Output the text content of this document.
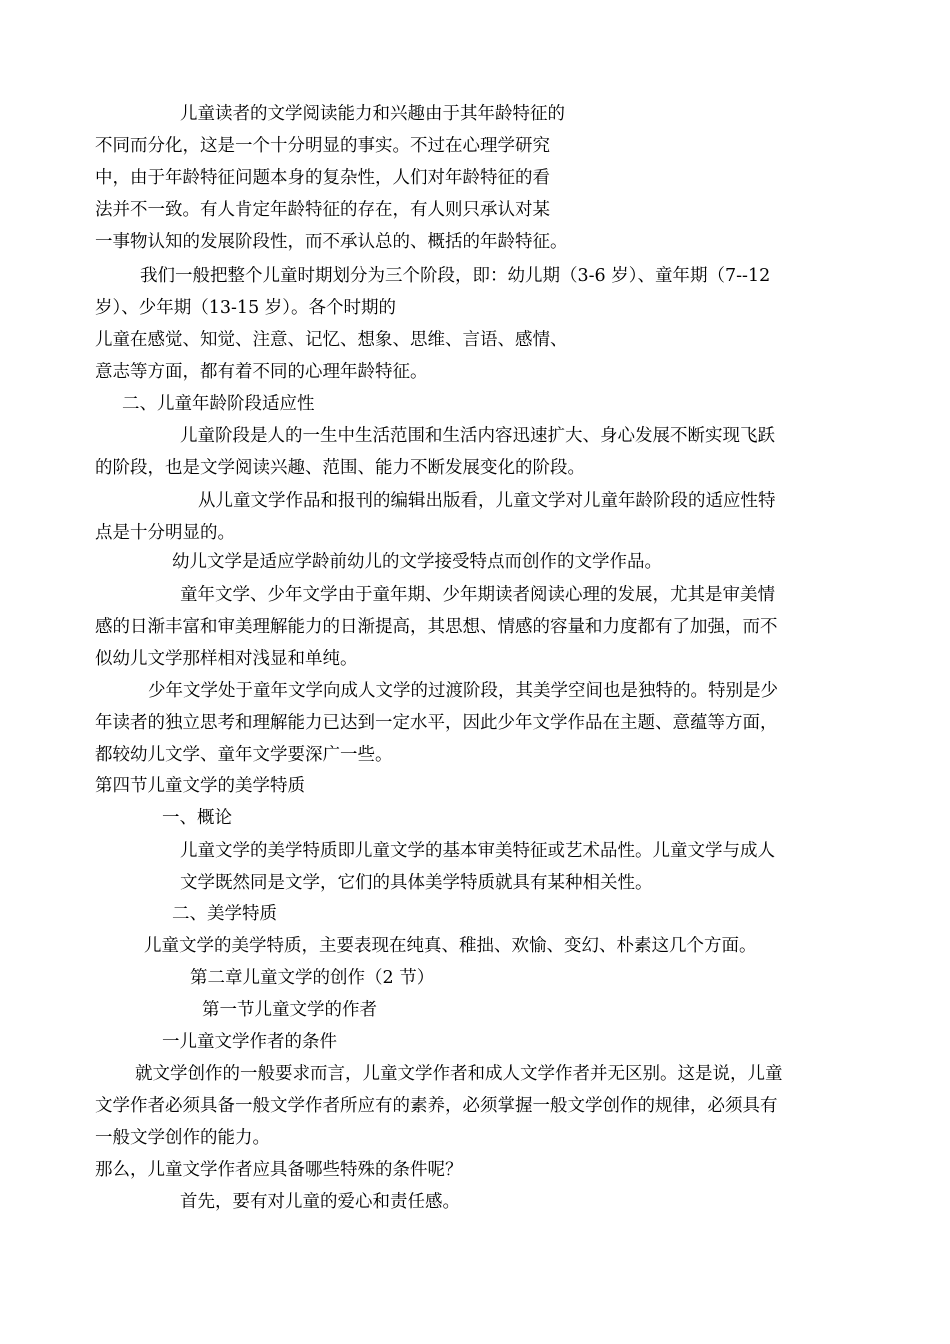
儿童读者的文学阅读能力和兴趣由于其年龄特征的
不同而分化，这是一个十分明显的事实。不过在心理学研究
中，由于年龄特征问题本身的复杂性，人们对年龄特征的看
法并不一致。有人肯定年龄特征的存在，有人则只承认对某
一事物认知的发展阶段性，而不承认总的、概括的年龄特征。
我们一般把整个儿童时期划分为三个阶段，即：幼儿期（3-6 岁）、童年期（7--12
岁）、少年期（13-15 岁）。各个时期的
儿童在感觉、知觉、注意、记忆、想象、思维、言语、感情、
意志等方面，都有着不同的心理年龄特征。
二、儿童年龄阶段适应性
儿童阶段是人的一生中生活范围和生活内容迅速扩大、身心发展不断实现飞跃
的阶段，也是文学阅读兴趣、范围、能力不断发展变化的阶段。
从儿童文学作品和报刊的编辑出版看，儿童文学对儿童年龄阶段的适应性特
点是十分明显的。
幼儿文学是适应学龄前幼儿的文学接受特点而创作的文学作品。
童年文学、少年文学由于童年期、少年期读者阅读心理的发展，尤其是审美情
感的日渐丰富和审美理解能力的日渐提高，其思想、情感的容量和力度都有了加强，而不
似幼儿文学那样相对浅显和单纯。
少年文学处于童年文学向成人文学的过渡阶段，其美学空间也是独特的。特别是少
年读者的独立思考和理解能力已达到一定水平，因此少年文学作品在主题、意蕴等方面，
都较幼儿文学、童年文学要深广一些。
第四节儿童文学的美学特质
一、概论
儿童文学的美学特质即儿童文学的基本审美特征或艺术品性。儿童文学与成人
文学既然同是文学，它们的具体美学特质就具有某种相关性。
二、美学特质
儿童文学的美学特质，主要表现在纯真、稚拙、欢愉、变幻、朴素这几个方面。
第二章儿童文学的创作（2 节）
第一节儿童文学的作者
一儿童文学作者的条件
就文学创作的一般要求而言，儿童文学作者和成人文学作者并无区别。这是说，儿童
文学作者必须具备一般文学作者所应有的素养，必须掌握一般文学创作的规律，必须具有
一般文学创作的能力。
那么，儿童文学作者应具备哪些特殊的条件呢？
首先，要有对儿童的爱心和责任感。
